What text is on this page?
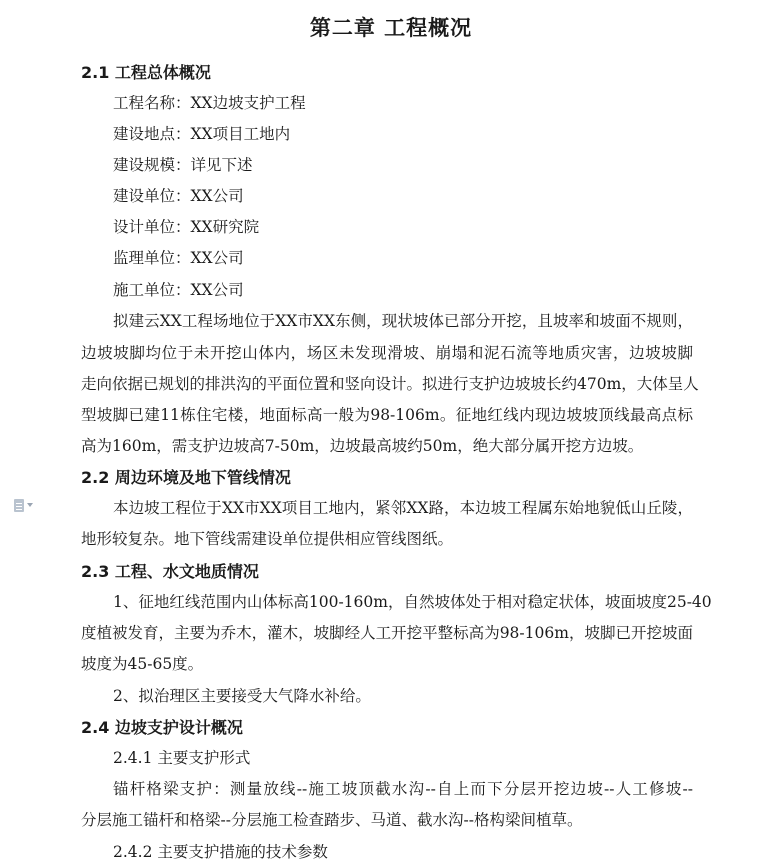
第二章 工程概况
2.1 工程总体概况
工程名称：XX边坡支护工程
建设地点：XX项目工地内
建设规模：详见下述
建设单位：XX公司
设计单位：XX研究院
监理单位：XX公司
施工单位：XX公司
拟建云XX工程场地位于XX市XX东侧，现状坡体已部分开挖，且坡率和坡面不规则，
边坡坡脚均位于未开挖山体内，场区未发现滑坡、崩塌和泥石流等地质灾害，边坡坡脚
走向依据已规划的排洪沟的平面位置和竖向设计。拟进行支护边坡坡长约470m，大体呈人
型坡脚已建11栋住宅楼，地面标高一般为98-106m。征地红线内现边坡坡顶线最高点标
高为160m，需支护边坡高7-50m，边坡最高坡约50m，绝大部分属开挖方边坡。
2.2 周边环境及地下管线情况
本边坡工程位于XX市XX项目工地内，紧邻XX路，本边坡工程属东始地貌低山丘陵，
地形较复杂。地下管线需建设单位提供相应管线图纸。
2.3 工程、水文地质情况
1、征地红线范围内山体标高100-160m，自然坡体处于相对稳定状体，坡面坡度25-40
度植被发育，主要为乔木，灌木，坡脚经人工开挖平整标高为98-106m，坡脚已开挖坡面
坡度为45-65度。
2、拟治理区主要接受大气降水补给。
2.4 边坡支护设计概况
2.4.1 主要支护形式
锚杆格梁支护：测量放线--施工坡顶截水沟--自上而下分层开挖边坡--人工修坡--
分层施工锚杆和格梁--分层施工检查踏步、马道、截水沟--格构梁间植草。
2.4.2 主要支护措施的技术参数
